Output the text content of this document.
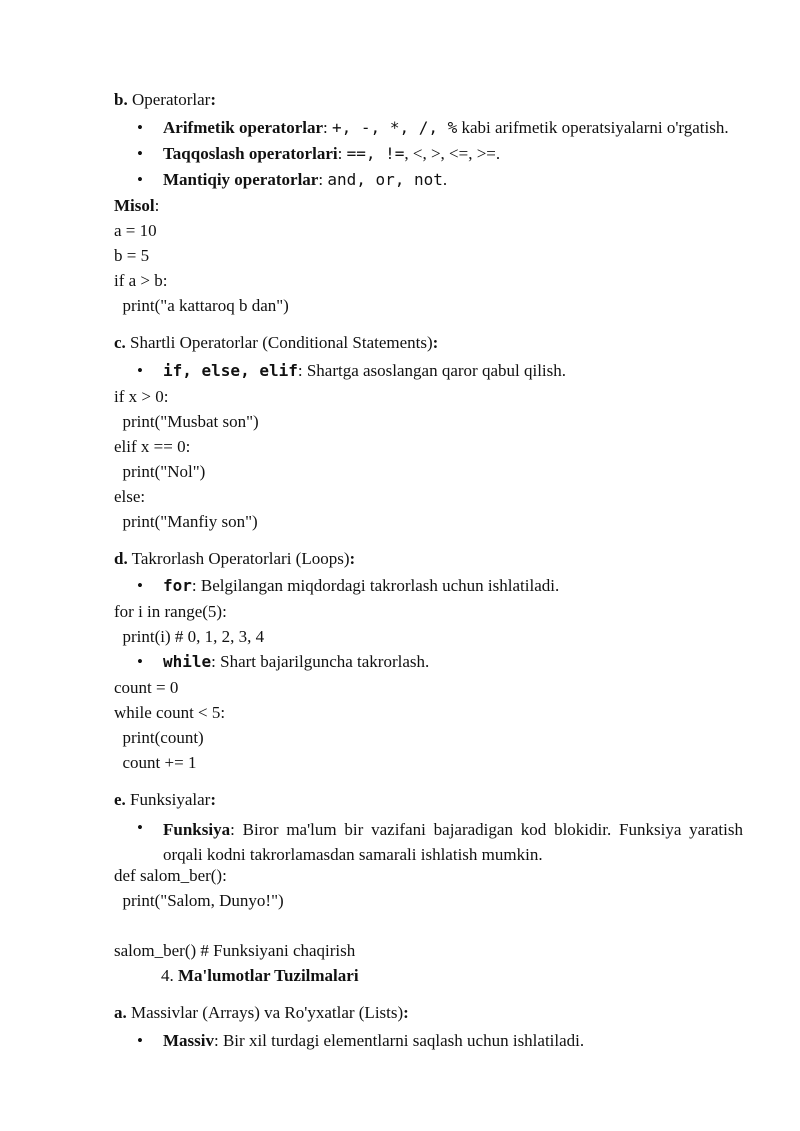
b. Operatorlar:
•	Arifmetik operatorlar: +, -, *, /, % kabi arifmetik operatsiyalarni o'rgatish.
•	Taqqoslash operatorlari: ==, !=, <, >, <=, >=.
•	Mantiqiy operatorlar: and, or, not.
Misol:
a = 10
b = 5
if a > b:
print("a kattaroq b dan")
c. Shartli Operatorlar (Conditional Statements):
•	if, else, elif: Shartga asoslangan qaror qabul qilish.
if x > 0:
print("Musbat son")
elif x == 0:
print("Nol")
else:
print("Manfiy son")
d. Takrorlash Operatorlari (Loops):
•	for: Belgilangan miqdordagi takrorlash uchun ishlatiladi.
for i in range(5):
print(i) # 0, 1, 2, 3, 4
•	while: Shart bajarilguncha takrorlash.
count = 0
while count < 5:
print(count)
count += 1
e. Funksiyalar:
•	Funksiya: Biror ma'lum bir vazifani bajaradigan kod blokidir. Funksiya yaratish orqali kodni takrorlamasdan samarali ishlatish mumkin.
def salom_ber():
print("Salom, Dunyo!")
salom_ber() # Funksiyani chaqirish
4. Ma'lumotlar Tuzilmalari
a. Massivlar (Arrays) va Ro'yxatlar (Lists):
•	Massiv: Bir xil turdagi elementlarni saqlash uchun ishlatiladi.
